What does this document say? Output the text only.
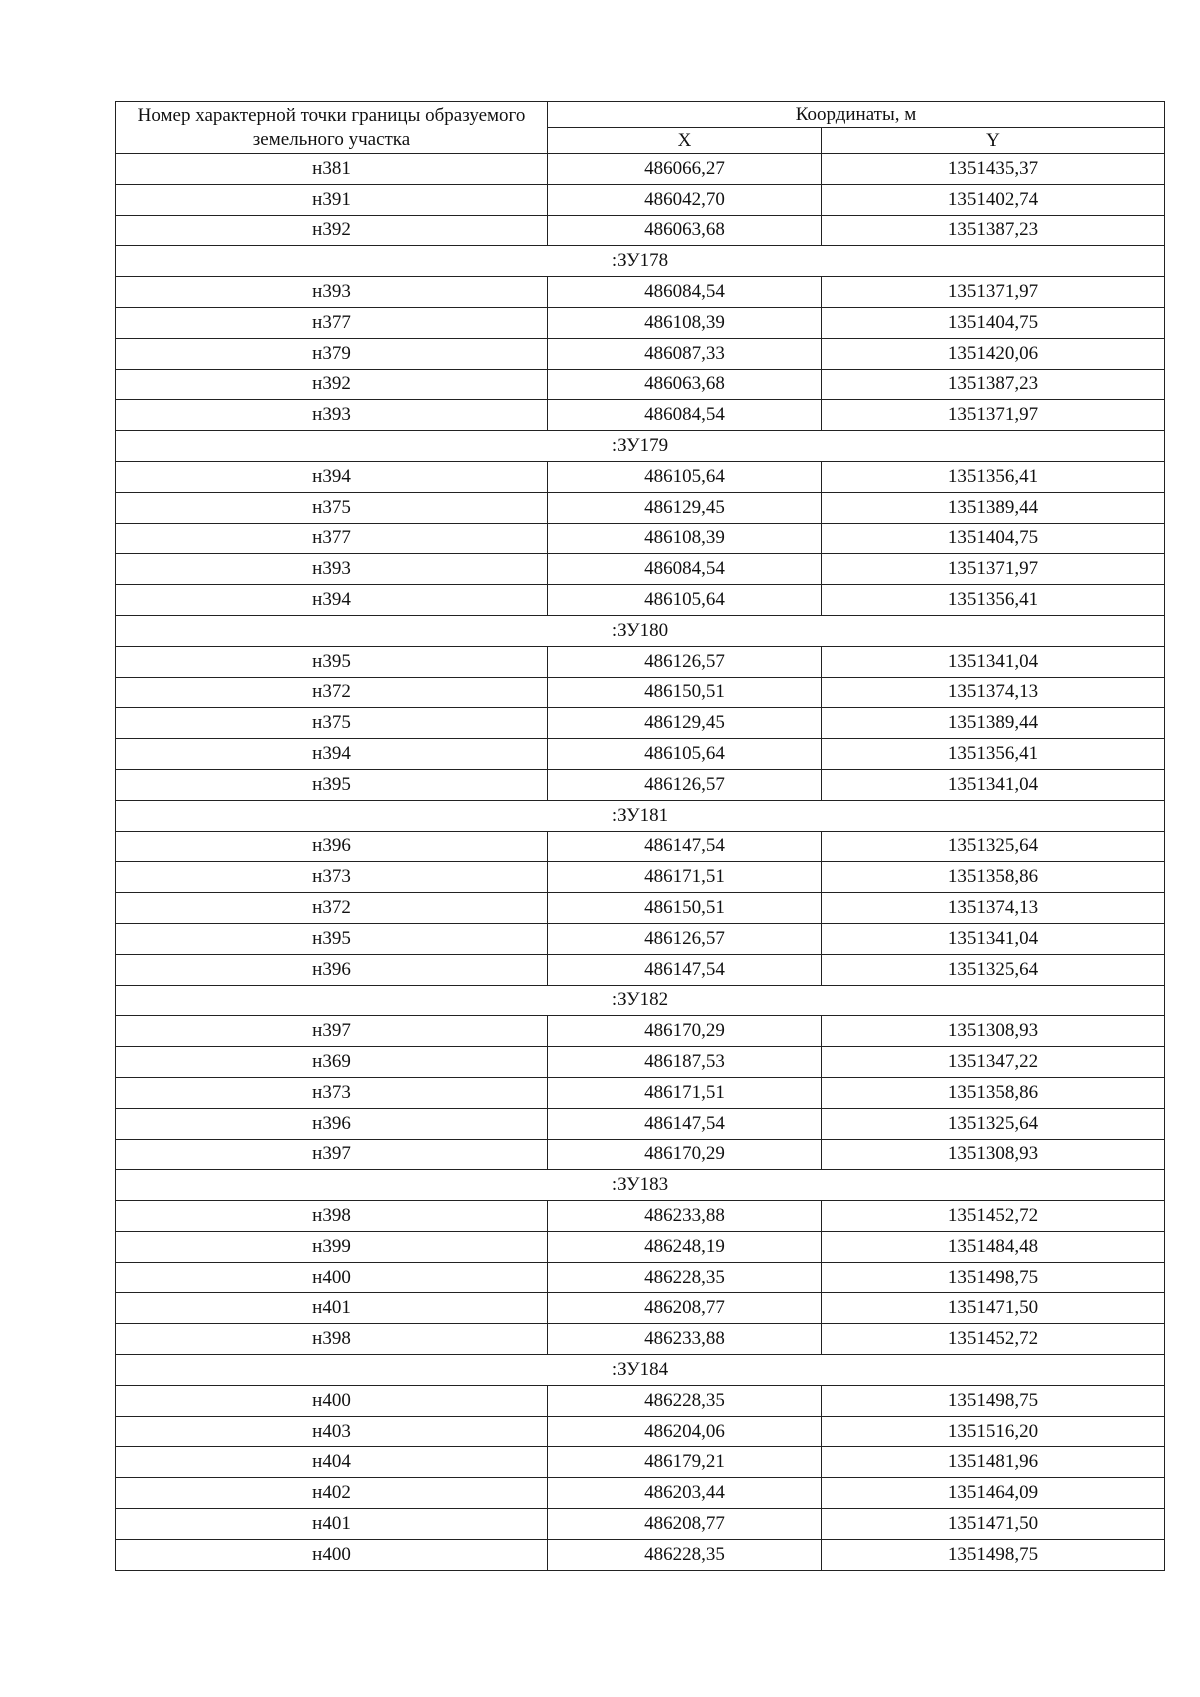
Номер характерной точки границы образуемого земельного участка	Координаты, м	
	X	Y
н381	486066,27	1351435,37
н391	486042,70	1351402,74
н392	486063,68	1351387,23
:ЗУ178		
н393	486084,54	1351371,97
н377	486108,39	1351404,75
н379	486087,33	1351420,06
н392	486063,68	1351387,23
н393	486084,54	1351371,97
:ЗУ179		
н394	486105,64	1351356,41
н375	486129,45	1351389,44
н377	486108,39	1351404,75
н393	486084,54	1351371,97
н394	486105,64	1351356,41
:ЗУ180		
н395	486126,57	1351341,04
н372	486150,51	1351374,13
н375	486129,45	1351389,44
н394	486105,64	1351356,41
н395	486126,57	1351341,04
:ЗУ181		
н396	486147,54	1351325,64
н373	486171,51	1351358,86
н372	486150,51	1351374,13
н395	486126,57	1351341,04
н396	486147,54	1351325,64
:ЗУ182		
н397	486170,29	1351308,93
н369	486187,53	1351347,22
н373	486171,51	1351358,86
н396	486147,54	1351325,64
н397	486170,29	1351308,93
:ЗУ183		
н398	486233,88	1351452,72
н399	486248,19	1351484,48
н400	486228,35	1351498,75
н401	486208,77	1351471,50
н398	486233,88	1351452,72
:ЗУ184		
н400	486228,35	1351498,75
н403	486204,06	1351516,20
н404	486179,21	1351481,96
н402	486203,44	1351464,09
н401	486208,77	1351471,50
н400	486228,35	1351498,75
